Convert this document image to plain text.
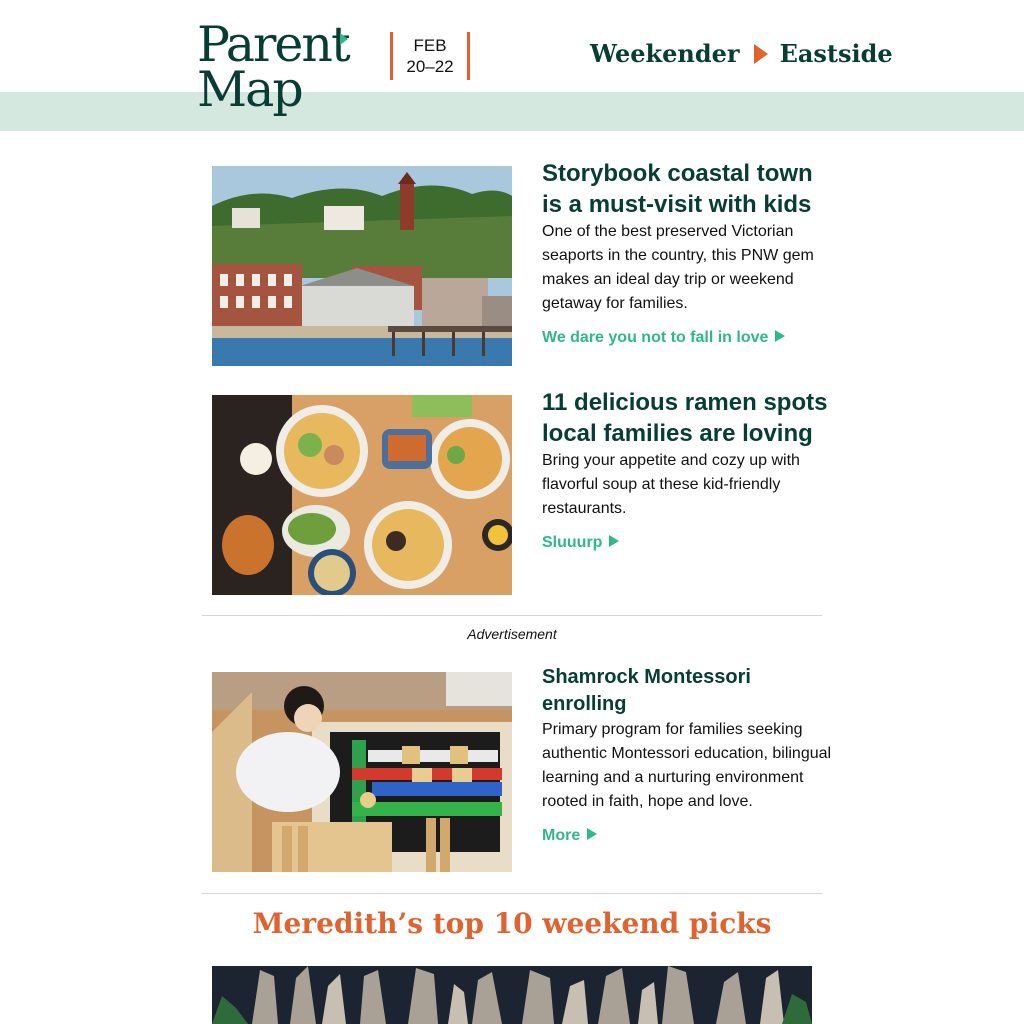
Parent
Map
FEB
20–22	Weekender Eastside
Storybook coastal town is a must-visit with kids

One of the best preserved Victorian seaports in the country, this PNW gem makes an ideal day trip or weekend getaway for families.

We dare you not to fall in love
11 delicious ramen spots local families are loving

Bring your appetite and cozy up with flavorful soup at these kid-friendly restaurants.

Sluuurp
Advertisement
Shamrock Montessori enrolling

Primary program for families seeking authentic Montessori education, bilingual learning and a nurturing environment rooted in faith, hope and love.

More
Meredith’s top 10 weekend picks
